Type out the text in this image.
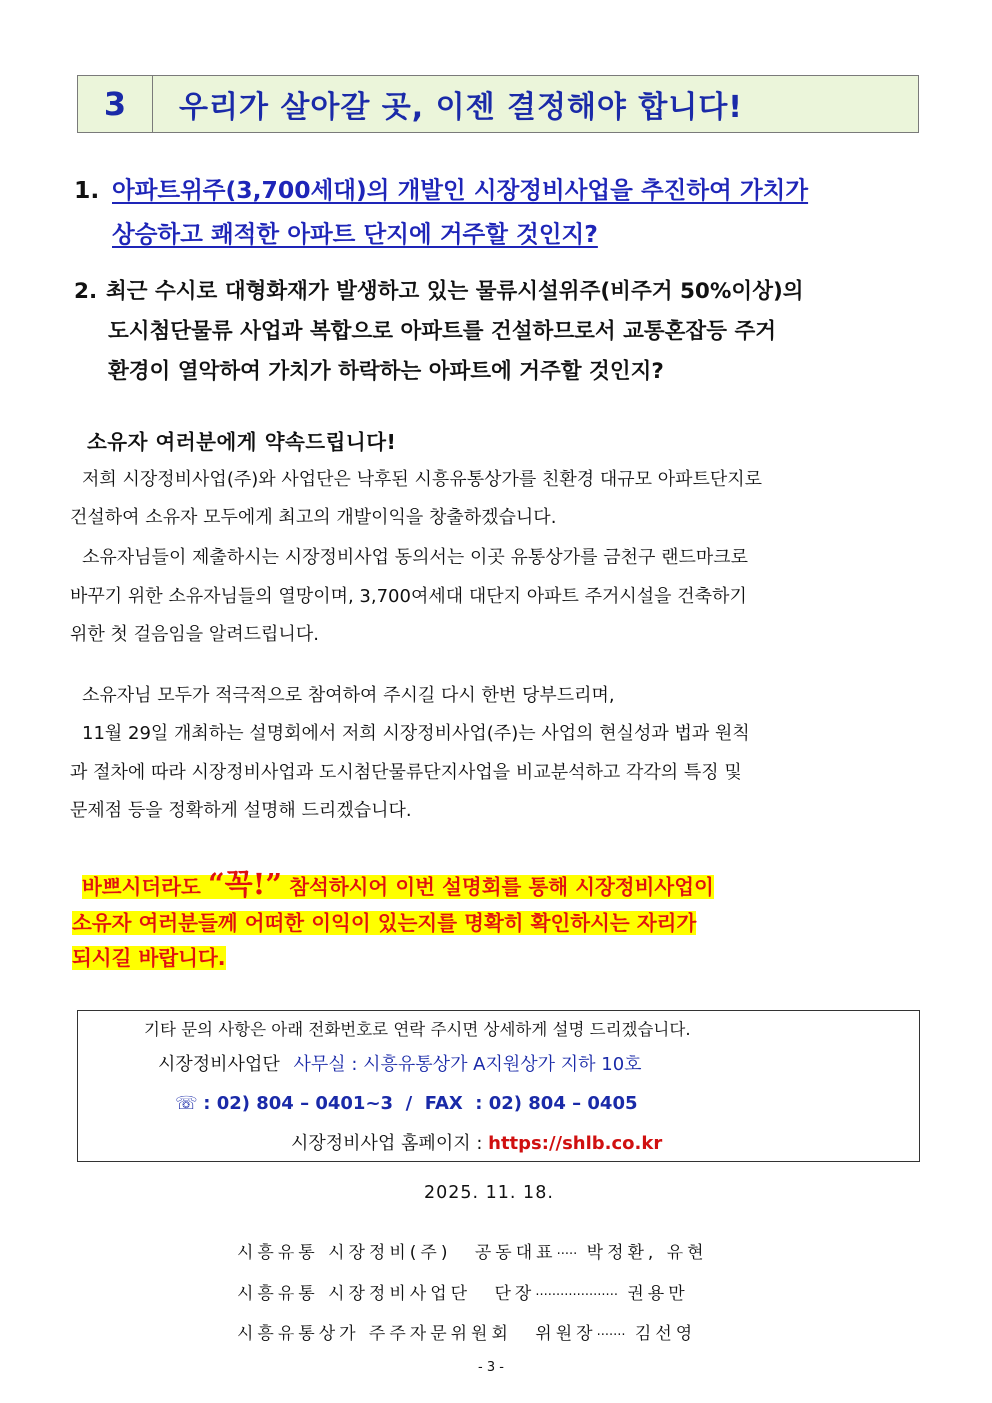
3	우리가 살아갈 곳, 이젠 결정해야 합니다!
1. 아파트위주(3,700세대)의 개발인 시장정비사업을 추진하여 가치가
상승하고 쾌적한 아파트 단지에 거주할 것인지?
2. 최근 수시로 대형화재가 발생하고 있는 물류시설위주(비주거 50%이상)의
도시첨단물류 사업과 복합으로 아파트를 건설하므로서 교통혼잡등 주거
환경이 열악하여 가치가 하락하는 아파트에 거주할 것인지?
소유자 여러분에게 약속드립니다!
저희 시장정비사업(주)와 사업단은 낙후된 시흥유통상가를 친환경 대규모 아파트단지로
건설하여 소유자 모두에게 최고의 개발이익을 창출하겠습니다.
소유자님들이 제출하시는 시장정비사업 동의서는 이곳 유통상가를 금천구 랜드마크로
바꾸기 위한 소유자님들의 열망이며, 3,700여세대 대단지 아파트 주거시설을 건축하기
위한 첫 걸음임을 알려드립니다.
소유자님 모두가 적극적으로 참여하여 주시길 다시 한번 당부드리며,
11월 29일 개최하는 설명회에서 저희 시장정비사업(주)는 사업의 현실성과 법과 원칙
과 절차에 따라 시장정비사업과 도시첨단물류단지사업을 비교분석하고 각각의 특징 및
문제점 등을 정확하게 설명해 드리겠습니다.
바쁘시더라도 “꼭!” 참석하시어 이번 설명회를 통해 시장정비사업이
소유자 여러분들께 어떠한 이익이 있는지를 명확히 확인하시는 자리가
되시길 바랍니다.
기타 문의 사항은 아래 전화번호로 연락 주시면 상세하게 설명 드리겠습니다.
시장정비사업단 사무실 : 시흥유통상가 A지원상가 지하 10호
☏ : 02) 804 – 0401~3  /  FAX  : 02) 804 – 0405
시장정비사업 홈페이지 : https://shlb.co.kr
2025. 11. 18.
시흥유통 시장정비(주) 공동대표····· 박정환, 유현
시흥유통 시장정비사업단 단장···················· 권용만
시흥유통상가 주주자문위원회 위원장······· 김선영
- 3 -
